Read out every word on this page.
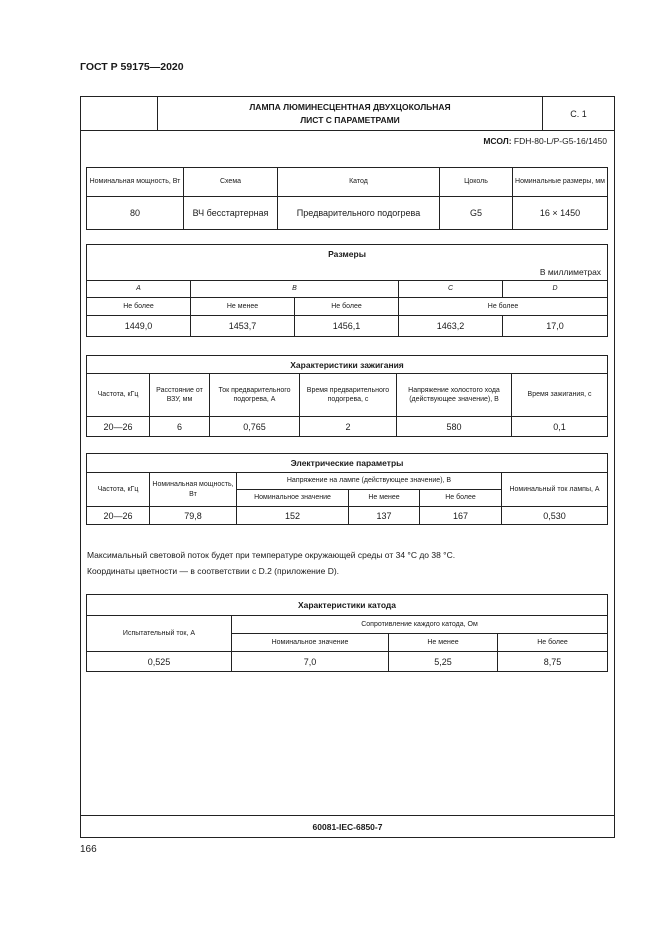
ГОСТ Р 59175—2020
ЛАМПА ЛЮМИНЕСЦЕНТНАЯ ДВУХЦОКОЛЬНАЯ
ЛИСТ С ПАРАМЕТРАМИ
С. 1
МСОЛ: FDH-80-L/P-G5-16/1450
60081-IEC-6850-7
Номинальная мощность, Вт	Схема	Катод	Цоколь	Номинальные размеры, мм
80	ВЧ бесстартерная	Предварительного подогрева	G5	16 × 1450
Размеры				
В миллиметрах				
A	B		C	D
Не более	Не менее	Не более	Не более	
1449,0	1453,7	1456,1	1463,2	17,0
Характеристики зажигания					
Частота, кГц	Расстояние от ВЗУ, мм	Ток предварительного подогрева, А	Время предварительного подогрева, с	Напряжение холостого хода (действующее значение), В	Время зажигания, с
20—26	6	0,765	2	580	0,1
Электрические параметры					
Частота, кГц	Номинальная мощность, Вт	Напряжение на лампе (действующее значение), В			Номинальный ток лампы, А
		Номинальное значение	Не менее	Не более	
20—26	79,8	152	137	167	0,530
Максимальный световой поток будет при температуре окружающей среды от 34 °С до 38 °С.
Координаты цветности — в соответствии с D.2 (приложение D).
Характеристики катода			
Испытательный ток, А	Сопротивление каждого катода, Ом		
	Номинальное значение	Не менее	Не более
0,525	7,0	5,25	8,75
166
